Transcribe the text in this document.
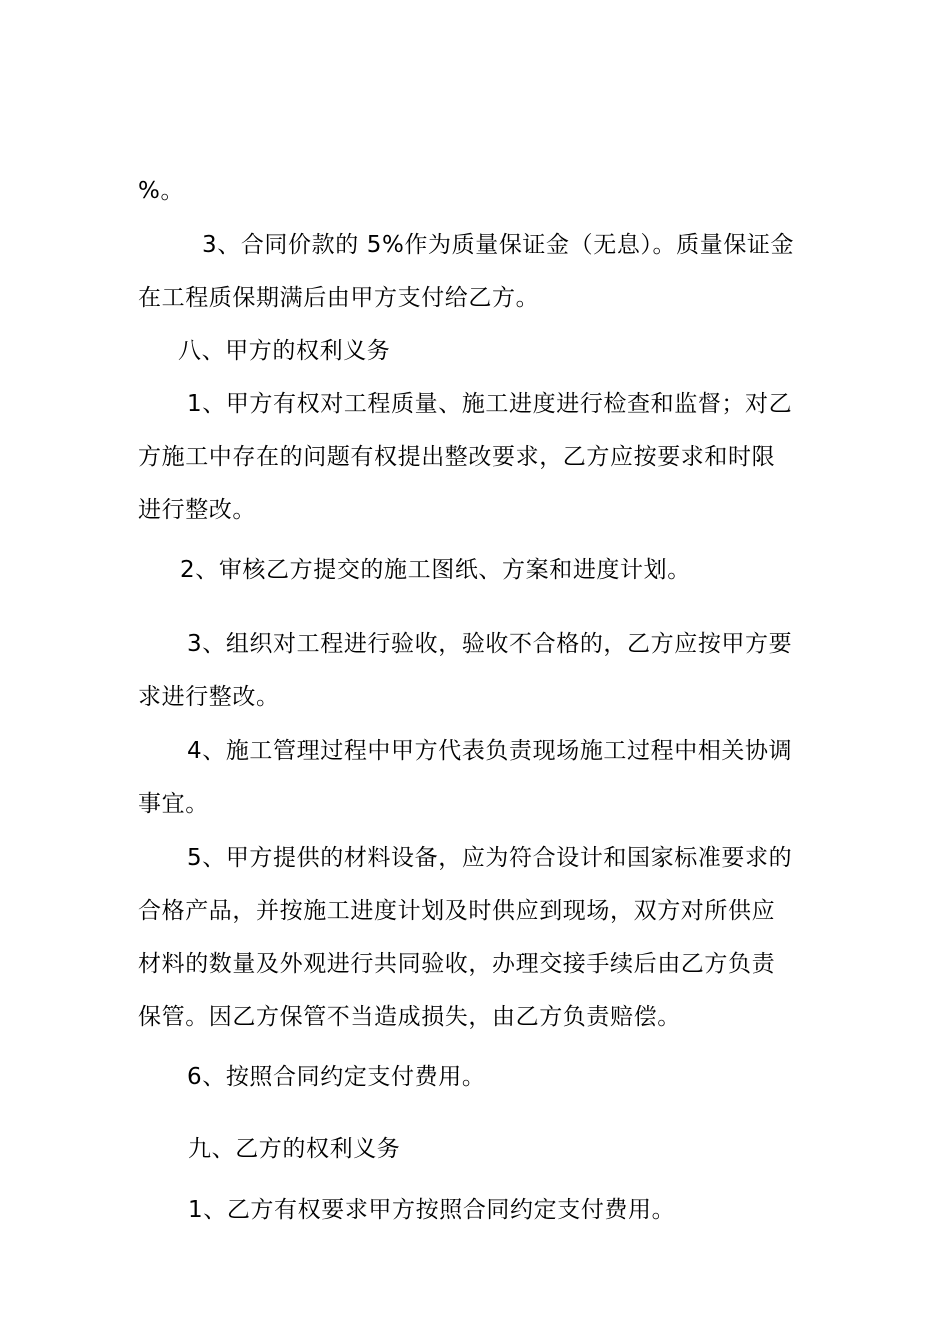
%。
3、合同价款的 5%作为质量保证金（无息）。质量保证金
在工程质保期满后由甲方支付给乙方。
八、甲方的权利义务
1、甲方有权对工程质量、施工进度进行检查和监督；对乙
方施工中存在的问题有权提出整改要求，乙方应按要求和时限
进行整改。
2、审核乙方提交的施工图纸、方案和进度计划。
3、组织对工程进行验收，验收不合格的，乙方应按甲方要
求进行整改。
4、施工管理过程中甲方代表负责现场施工过程中相关协调
事宜。
5、甲方提供的材料设备，应为符合设计和国家标准要求的
合格产品，并按施工进度计划及时供应到现场，双方对所供应
材料的数量及外观进行共同验收，办理交接手续后由乙方负责
保管。因乙方保管不当造成损失，由乙方负责赔偿。
6、按照合同约定支付费用。
九、乙方的权利义务
1、乙方有权要求甲方按照合同约定支付费用。
